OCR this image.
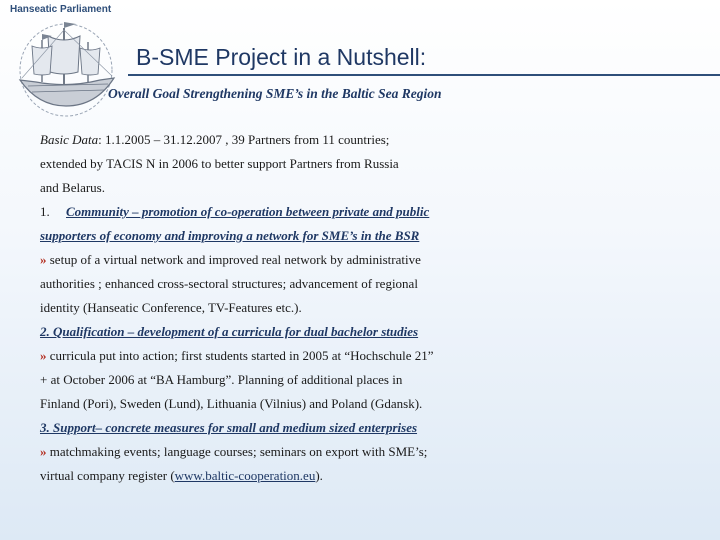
Hanseatic Parliament
B-SME Project in a Nutshell:
Overall Goal Strengthening SME’s in the Baltic Sea Region

Basic Data: 1.1.2005 – 31.12.2007 , 39 Partners from 11 countries;

extended by TACIS N in 2006 to better support Partners from Russia

and Belarus.

1. Community – promotion of co-operation between private and public

supporters of economy and improving a network for SME’s in the BSR

» setup of a virtual network and improved real network by administrative

authorities ; enhanced cross-sectoral structures; advancement of regional

identity (Hanseatic Conference, TV-Features etc.).

2. Qualification – development of a curricula for dual bachelor studies

» curricula put into action; first students started in 2005 at “Hochschule 21”

+ at October 2006 at “BA Hamburg”. Planning of additional places in

Finland (Pori), Sweden (Lund), Lithuania (Vilnius) and Poland (Gdansk).

3. Support– concrete measures for small and medium sized enterprises

» matchmaking events; language courses; seminars on export with SME’s;

virtual company register (www.baltic-cooperation.eu).
